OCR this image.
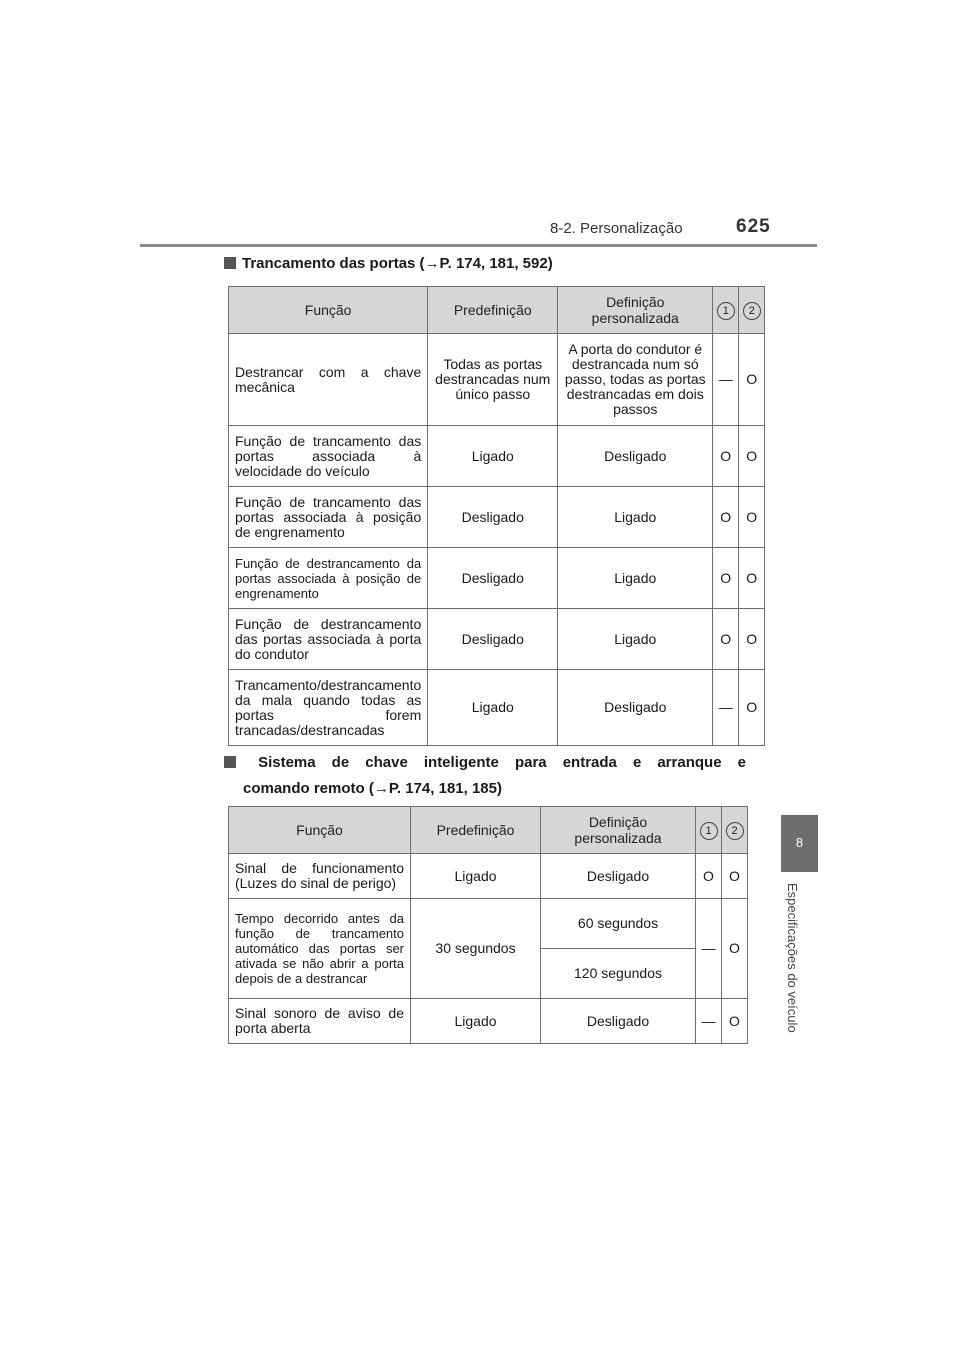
8-2. Personalização	625
8
Especificações do veículo
Trancamento das portas (→P. 174, 181, 592)
Função	Predefinição	Definição personalizada	1	2
Destrancar com a chave mecânica	Todas as portas destrancadas num único passo	A porta do condutor é destrancada num só passo, todas as portas destrancadas em dois passos	—	O
Função de trancamento das portas associada à velocidade do veículo	Ligado	Desligado	O	O
Função de trancamento das portas associada à posição de engrenamento	Desligado	Ligado	O	O
Função de destrancamento da portas associada à posição de engrenamento	Desligado	Ligado	O	O
Função de destrancamento das portas associada à porta do condutor	Desligado	Ligado	O	O
Trancamento/destrancamento da mala quando todas as portas forem trancadas/destrancadas	Ligado	Desligado	—	O
Sistema de chave inteligente para entrada e arranque e
comando remoto (→P. 174, 181, 185)
Função	Predefinição	Definição personalizada	1	2
Sinal de funcionamento (Luzes do sinal de perigo)	Ligado	Desligado	O	O
Tempo decorrido antes da função de trancamento automático das portas ser ativada se não abrir a porta depois de a destrancar	30 segundos	60 segundos	—	O
		120 segundos		
Sinal sonoro de aviso de porta aberta	Ligado	Desligado	—	O
